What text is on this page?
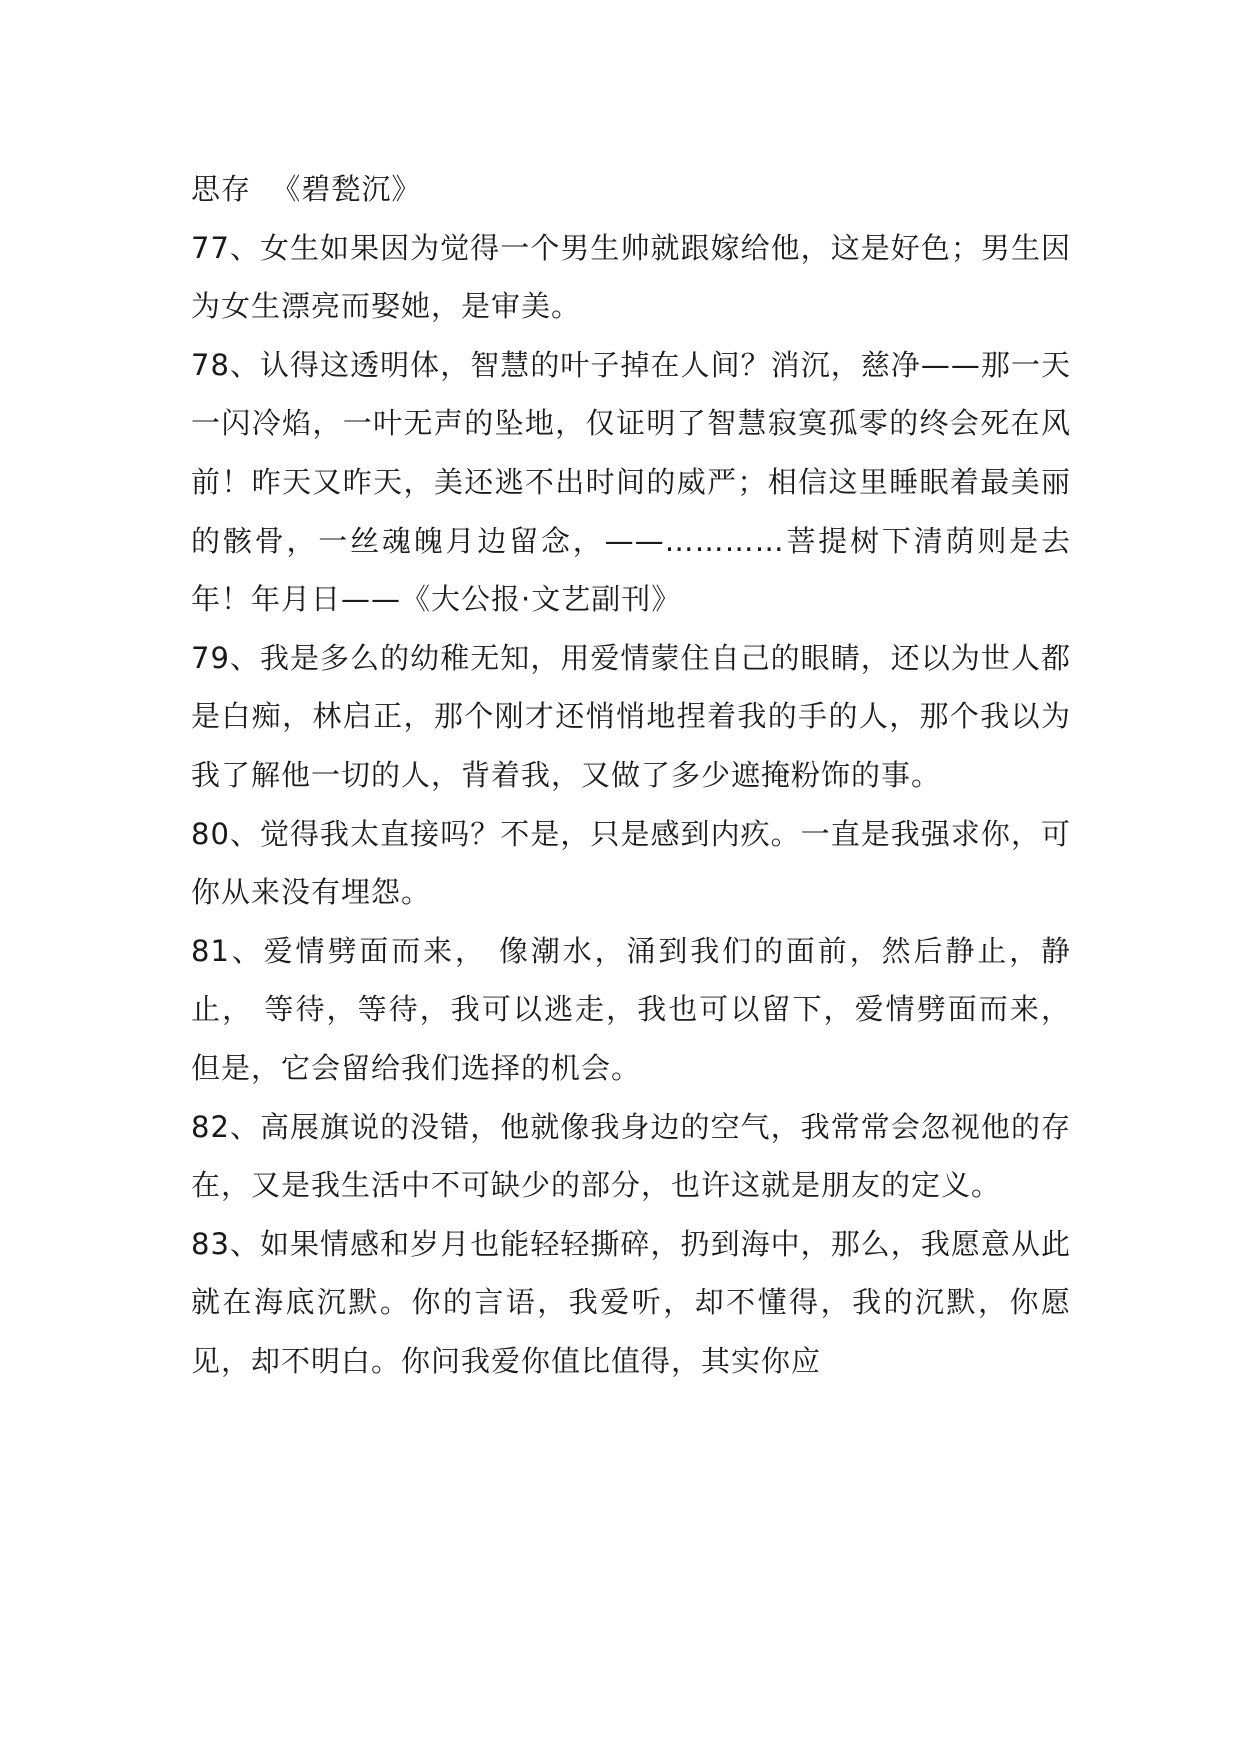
思存  《碧甃沉》

77、女生如果因为觉得一个男生帅就跟嫁给他，这是好色；男生因为女生漂亮而娶她，是审美。

78、认得这透明体，智慧的叶子掉在人间？消沉，慈净——那一天一闪冷焰，一叶无声的坠地，仅证明了智慧寂寞孤零的终会死在风前！昨天又昨天，美还逃不出时间的威严；相信这里睡眠着最美丽的骸骨，一丝魂魄月边留念，——…………菩提树下清荫则是去年！年月日——《大公报·文艺副刊》

79、我是多么的幼稚无知，用爱情蒙住自己的眼睛，还以为世人都是白痴，林启正，那个刚才还悄悄地捏着我的手的人，那个我以为我了解他一切的人，背着我，又做了多少遮掩粉饰的事。

80、觉得我太直接吗？不是，只是感到内疚。一直是我强求你，可你从来没有埋怨。

81、爱情劈面而来， 像潮水，涌到我们的面前，然后静止，静止， 等待，等待，我可以逃走，我也可以留下，爱情劈面而来， 但是，它会留给我们选择的机会。

82、高展旗说的没错，他就像我身边的空气，我常常会忽视他的存在，又是我生活中不可缺少的部分，也许这就是朋友的定义。

83、如果情感和岁月也能轻轻撕碎，扔到海中，那么，我愿意从此就在海底沉默。你的言语，我爱听，却不懂得，我的沉默，你愿见，却不明白。你问我爱你值比值得，其实你应
